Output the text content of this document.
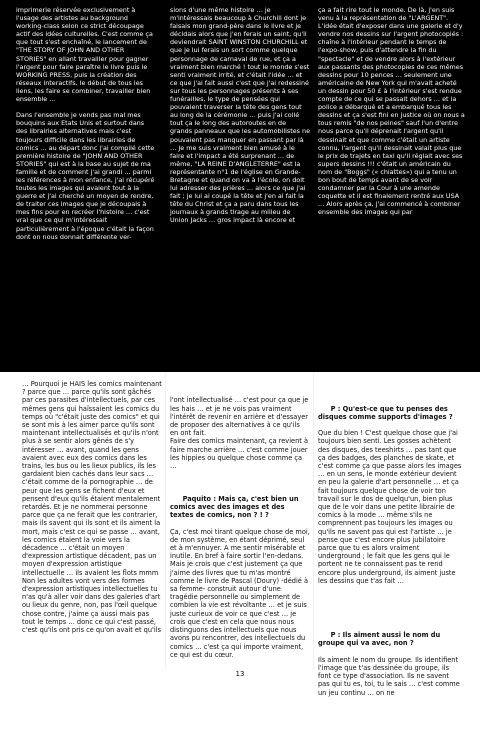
imprimerie réservée exclusivement à l'usage des artistes au background working-class selon ce strict découpage actif des idées culturelles. C'est comme ça que tout s'est enchaîné, le lancement de "THE STORY OF JOHN AND OTHER STORIES" en allant travailler pour gagner l'argent pour faire paraître le livre puis le WORKING PRESS, puis la création des réseaux interactifs, le début de tous les liens, les faire se combiner, travailler bien ensemble …

Dans l'ensemble je vends pas mal mes bouquins aux Etats Unis et surtout dans des librairies alternatives mais c'est toujours difficile dans les librairies de comics … au départ donc j'ai compilé cette première histoire de "JOHN AND OTHER STORIES" qui est à la base au sujet de ma famille et de comment j'ai grandi … parmi les références à mon enfance, j'ai récupéré toutes les images qui avaient tout à la guerre et j'ai cherché un moyen de rendre, de traiter ces images que je découpais à mes fins pour en recréer l'histoire … c'est vrai que ce qui m'intéressait particulièrement à l'époque c'était la façon dont on nous donnait différente ver-
sions d'une même histoire … je m'intéressais beaucoup à Churchill dont je faisais mon grand-père dans le livre et je décidais alors que j'en ferais un saint, qu'il deviendrait SAINT WINSTON CHURCHILL et que je lui ferais un sort comme quelque personnage de carnaval de rue, et ça a vraiment bien marché ! tout le monde s'est senti vraiment irrité, et c'était l'idée … et ce que j'ai fait aussi c'est que j'ai redessiné sur tous les personnages présents à ses funérailles, le type de pensées qui pouvaient traverser la tête des gens tout au long de la cérémonie … puis j'ai collé tout ça le long des autoroutes en de grands panneaux que les automobilistes ne pouvaient pas manquer en passant par là … Je me suis vraiment bien amusé à le faire et l'impact a été surprenant … de même, "LA REINE D'ANGLETERRE" est la représentante n°1 de l'église en Grande-Bretagne et quand on va à l'école, on doit lui adresser des prières … alors ce que j'ai fait ; je lui ai coupé la tête et j'en ai fait la tête du Christ et ça a paru dans tous les journaux à grands tirage au milieu de Union Jacks … gros impact là encore et
ça a fait rire tout le monde. De là, j'en suis venu à la représentation de "L'ARGENT". L'idée était d'exposer dans une galerie et d'y vendre nos dessins sur l'argent photocopiés : chaîne à l'intérieur pendant le temps de l'expo-show, puis d'attendre la fin du "spectacle" et de vendre alors à l'extérieur aux passants des photocopies de ces mêmes dessins pour 10 pences … seulement une américaine de New York qui m'avait acheté un dessin pour 50 £ à l'intérieur s'est rendue compte de ce qui se passait dehors … et la police a débarqué et a embarqué tous les dessins et ça s'est fini en justice où on nous a tous remis "de nos peines" sauf l'un d'entre nous parce qu'il déprenait l'argent qu'il dessinait et que comme c'était un artiste connu, l'argent qu'il dessinait valait plus que le prix de trajets en taxi qu'il réglait avec ses supers dessins !!! c'était un américain du nom de "Boggs" (« chiattes») qui a tenu un bon bout de temps avant de se voir condamner par la Cour à une amende coquette et il est finalement rentré aux USA … Alors après ça, j'ai commencé à combiner ensemble des images qui par
… Pourquoi je HAIS les comics maintenant ? parce que … parce qu'ils sont gâchés par ces parasites d'intellectuels, par ces mêmes gens qui haïssaient les comics du temps où "c'était juste des comics" et qui se sont mis à les aimer parce qu'ils sont maintenant intellectualisés et qu'ils n'ont plus à se sentir alors gênés de s'y intéresser … avant, quand les gens avaient avec eux des comics dans les trains, les bus ou les lieux publics, ils les gardaient bien cachés dans leur sacs … c'était comme de la pornographie … de peur que les gens se fichent d'eux et pensent d'eux qu'ils étaient mentalement retardés. Et je ne nommerai personne parce que ça ne ferait que les contrarier, mais ils savent qui ils sont et ils aiment la mort, mais c'est ce qui se passe … avant, les comics étaient la voie vers la décadence … c'était un moyen d'expression artistique décadent, pas un moyen d'expression artistique intellectuelle … ils avaient les flots mmm Non les adultes vont vers des formes d'expression artistiques intellectuelles tu n'as qu'à aller voir dans des galeries d'art ou lieux du genre, non, pas l'œil quelque chose contre, j'aime ça aussi mais pas tout le temps … donc ce qui c'est passé, c'est qu'ils ont pris ce qu'on avait et qu'ils

l'ont intellectualisé … c'est pour ça que je les hais … et je ne vois pas vraiment l'intérêt de revenir en arrière et d'essayer de proposer des alternatives à ce qu'ils en ont fait.
Faire des comics maintenant, ça revient à faire marche arrière … c'est comme jouer les hippies ou quelque chose comme ça …

Paquito : Mais ça, c'est bien un comics avec des images et des textes de comics, non ? ! ?

Ça, c'est moi tirant quelque chose de moi, de mon système, en étant déprimé, seul et à m'ennuyer. A me sentir misérable et inutile. En bref à faire sortir l'en-dedans. Mais je crois que c'est justement ça que j'aime des livres que tu m'as montré comme le livre de Pascal (Doury) -dédié à sa femme- construit autour d'une tragédie personnelle ou simplement de combien la vie est révoltante … et je suis juste curieux de voir ce que c'est … je crois que c'est en cela que nous nous distinguons des intellectuels que nous avons pu rencontrer, des intellectuels du comics … c'est ça qui importe vraiment, ce qui est du cœur.

P : Qu'est-ce que tu penses des disques comme supports d'images ?

Que du bien ! C'est quelque chose que j'ai toujours bien senti. Les gosses achètent des disques, des teeshirts … pas tant que ça des badges, des planches de skate, et c'est comme ça que passe alors les images … en un sens, le monde extérieur devient en peu la galerie d'art personnelle … et ça fait toujours quelque chose de voir ton travail sur le dos de quelqu'un, bien plus que de le voir dans une petite librairie de comics à la mode … même s'ils ne comprennent pas toujours les images ou qu'ils ne savent pas qui est l'artiste … je pense que c'est encore plus jubilatoire parce que tu es alors vraiment underground ; le fait que les gens qui le portent ne te connaissent pas te rend encore plus underground, ils aiment juste les dessins que t'as fait …

P : Ils aiment aussi le nom du groupe qui va avec, non ?

Ils aiment le nom du groupe. Ils identifient l'image que t'as dessinée du groupe, ils font ce type d'association. Ils ne savent pas qui tu es, toi, tu le sais … c'est comme un jeu continu … on ne

13
